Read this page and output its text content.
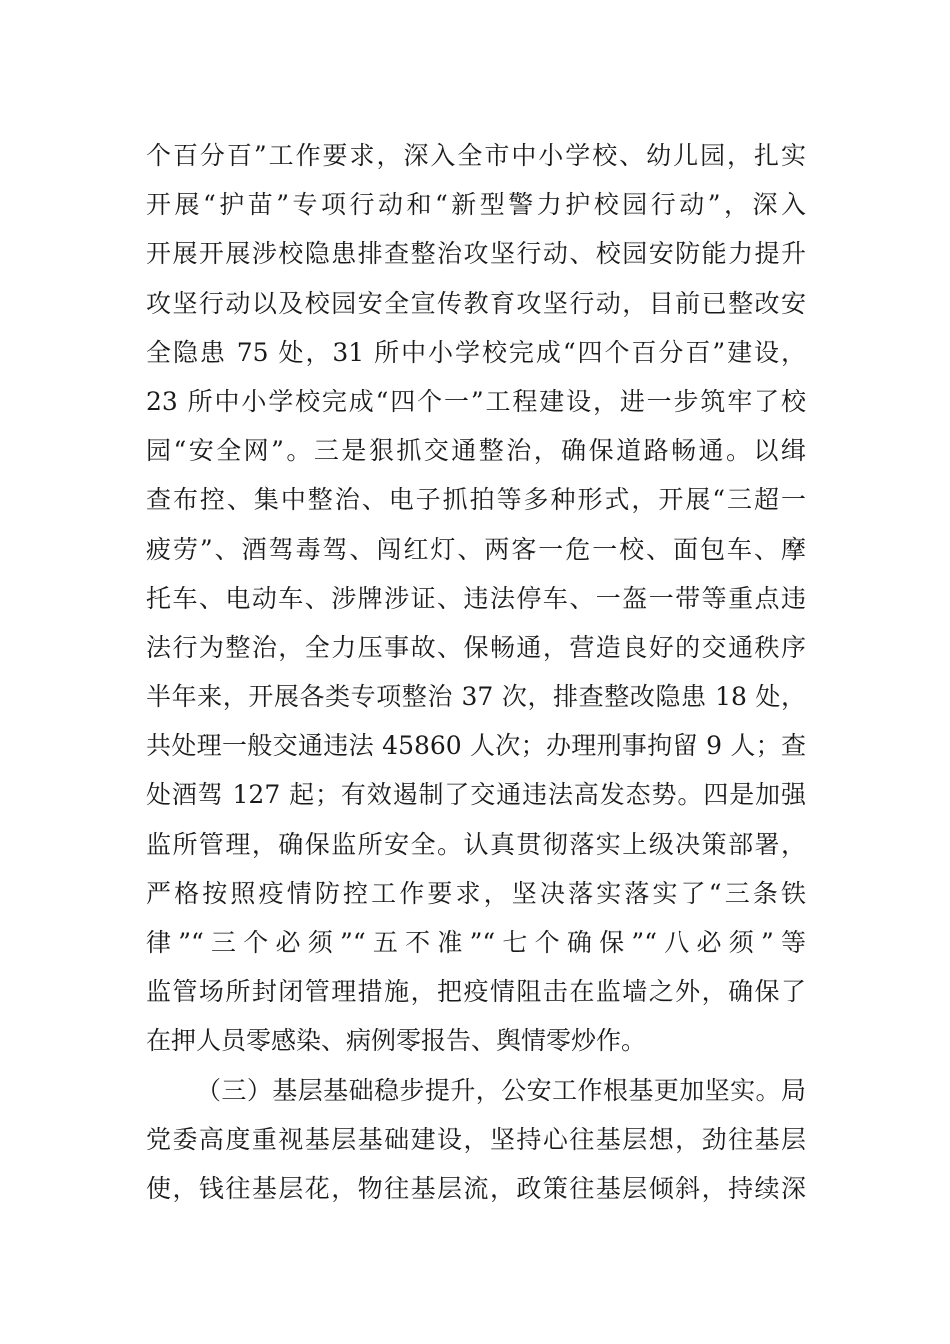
个百分百”工作要求，深入全市中小学校、幼儿园，扎实
开展“护苗”专项行动和“新型警力护校园行动”，深入
开展开展涉校隐患排查整治攻坚行动、校园安防能力提升
攻坚行动以及校园安全宣传教育攻坚行动，目前已整改安
全隐患 75 处，31 所中小学校完成“四个百分百”建设，
23 所中小学校完成“四个一”工程建设，进一步筑牢了校
园“安全网”。三是狠抓交通整治，确保道路畅通。以缉
查布控、集中整治、电子抓拍等多种形式，开展“三超一
疲劳”、酒驾毒驾、闯红灯、两客一危一校、面包车、摩
托车、电动车、涉牌涉证、违法停车、一盔一带等重点违
法行为整治，全力压事故、保畅通，营造良好的交通秩序
半年来，开展各类专项整治 37 次，排查整改隐患 18 处，
共处理一般交通违法 45860 人次；办理刑事拘留 9 人；查
处酒驾 127 起；有效遏制了交通违法高发态势。四是加强
监所管理，确保监所安全。认真贯彻落实上级决策部署，
严格按照疫情防控工作要求，坚决落实落实了“三条铁
律”“三个必须”“五不准”“七个确保”“八必须”等
监管场所封闭管理措施，把疫情阻击在监墙之外，确保了
在押人员零感染、病例零报告、舆情零炒作。
（三）基层基础稳步提升，公安工作根基更加坚实。局
党委高度重视基层基础建设，坚持心往基层想，劲往基层
使，钱往基层花，物往基层流，政策往基层倾斜，持续深
